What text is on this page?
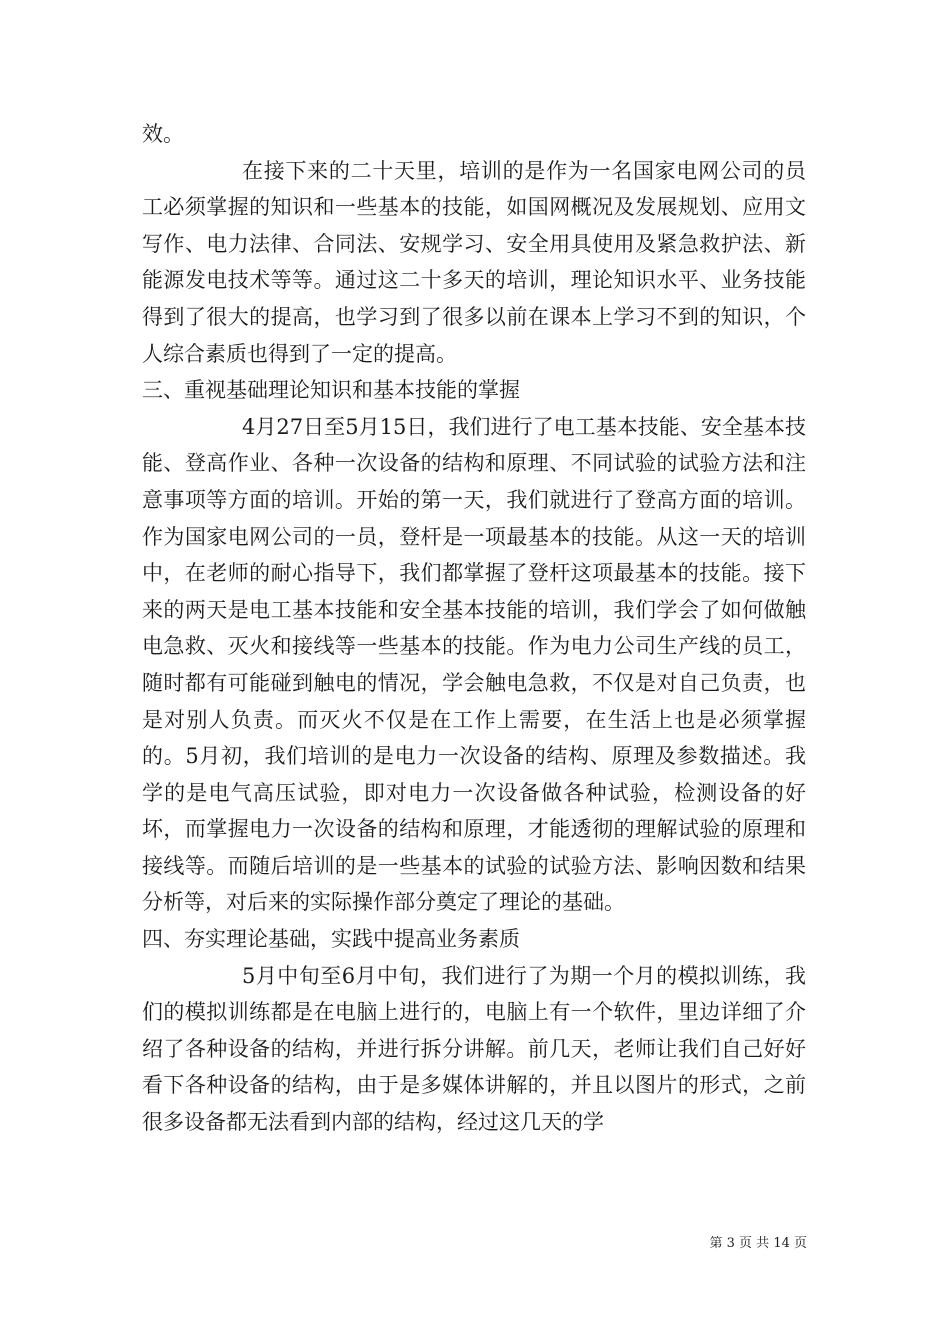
效。

在接下来的二十天里，培训的是作为一名国家电网公司的员工必须掌握的知识和一些基本的技能，如国网概况及发展规划、应用文写作、电力法律、合同法、安规学习、安全用具使用及紧急救护法、新能源发电技术等等。通过这二十多天的培训，理论知识水平、业务技能得到了很大的提高，也学习到了很多以前在课本上学习不到的知识，个人综合素质也得到了一定的提高。

三、重视基础理论知识和基本技能的掌握

4月27日至5月15日，我们进行了电工基本技能、安全基本技能、登高作业、各种一次设备的结构和原理、不同试验的试验方法和注意事项等方面的培训。开始的第一天，我们就进行了登高方面的培训。作为国家电网公司的一员，登杆是一项最基本的技能。从这一天的培训中，在老师的耐心指导下，我们都掌握了登杆这项最基本的技能。接下来的两天是电工基本技能和安全基本技能的培训，我们学会了如何做触电急救、灭火和接线等一些基本的技能。作为电力公司生产线的员工，随时都有可能碰到触电的情况，学会触电急救，不仅是对自己负责，也是对别人负责。而灭火不仅是在工作上需要，在生活上也是必须掌握的。5月初，我们培训的是电力一次设备的结构、原理及参数描述。我学的是电气高压试验，即对电力一次设备做各种试验，检测设备的好坏，而掌握电力一次设备的结构和原理，才能透彻的理解试验的原理和接线等。而随后培训的是一些基本的试验的试验方法、影响因数和结果分析等，对后来的实际操作部分奠定了理论的基础。

四、夯实理论基础，实践中提高业务素质

5月中旬至6月中旬，我们进行了为期一个月的模拟训练，我们的模拟训练都是在电脑上进行的，电脑上有一个软件，里边详细了介绍了各种设备的结构，并进行拆分讲解。前几天，老师让我们自己好好看下各种设备的结构，由于是多媒体讲解的，并且以图片的形式，之前很多设备都无法看到内部的结构，经过这几天的学

第 3 页 共 14 页
